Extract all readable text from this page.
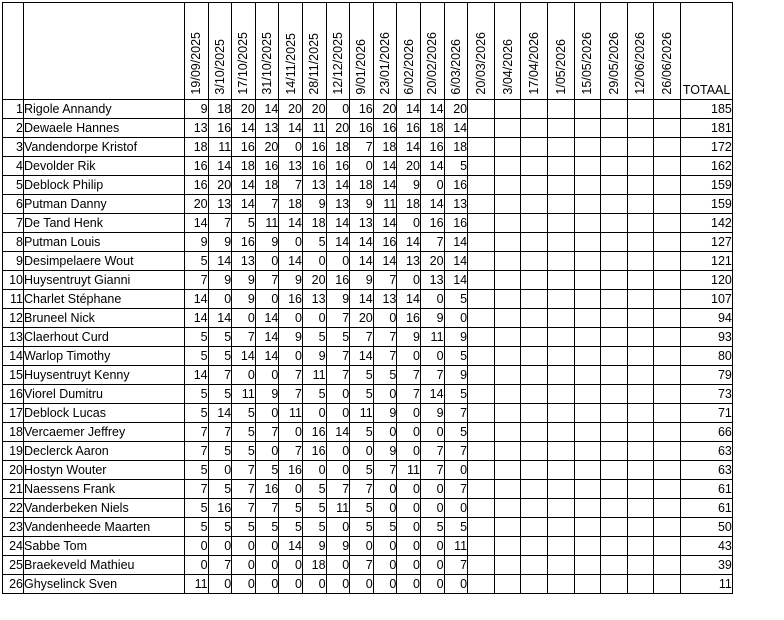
		19/09/2025	3/10/2025	17/10/2025	31/10/2025	14/11/2025	28/11/2025	12/12/2025	9/01/2026	23/01/2026	6/02/2026	20/02/2026	6/03/2026	20/03/2026	3/04/2026	17/04/2026	1/05/2026	15/05/2026	29/05/2026	12/06/2026	26/06/2026	TOTAAL
1	Rigole Annandy	9	18	20	14	20	20	0	16	20	14	14	20									185
2	Dewaele Hannes	13	16	14	13	14	11	20	16	16	16	18	14									181
3	Vandendorpe Kristof	18	11	16	20	0	16	18	7	18	14	16	18									172
4	Devolder Rik	16	14	18	16	13	16	16	0	14	20	14	5									162
5	Deblock Philip	16	20	14	18	7	13	14	18	14	9	0	16									159
6	Putman Danny	20	13	14	7	18	9	13	9	11	18	14	13									159
7	De Tand Henk	14	7	5	11	14	18	14	13	14	0	16	16									142
8	Putman Louis	9	9	16	9	0	5	14	14	16	14	7	14									127
9	Desimpelaere Wout	5	14	13	0	14	0	0	14	14	13	20	14									121
10	Huysentruyt Gianni	7	9	9	7	9	20	16	9	7	0	13	14									120
11	Charlet Stéphane	14	0	9	0	16	13	9	14	13	14	0	5									107
12	Bruneel Nick	14	14	0	14	0	0	7	20	0	16	9	0									94
13	Claerhout Curd	5	5	7	14	9	5	5	7	7	9	11	9									93
14	Warlop Timothy	5	5	14	14	0	9	7	14	7	0	0	5									80
15	Huysentruyt Kenny	14	7	0	0	7	11	7	5	5	7	7	9									79
16	Viorel Dumitru	5	5	11	9	7	5	0	5	0	7	14	5									73
17	Deblock Lucas	5	14	5	0	11	0	0	11	9	0	9	7									71
18	Vercaemer Jeffrey	7	7	5	7	0	16	14	5	0	0	0	5									66
19	Declerck Aaron	7	5	5	0	7	16	0	0	9	0	7	7									63
20	Hostyn Wouter	5	0	7	5	16	0	0	5	7	11	7	0									63
21	Naessens Frank	7	5	7	16	0	5	7	7	0	0	0	7									61
22	Vanderbeken Niels	5	16	7	7	5	5	11	5	0	0	0	0									61
23	Vandenheede Maarten	5	5	5	5	5	5	0	5	5	0	5	5									50
24	Sabbe Tom	0	0	0	0	14	9	9	0	0	0	0	11									43
25	Braekeveld Mathieu	0	7	0	0	0	18	0	7	0	0	0	7									39
26	Ghyselinck Sven	11	0	0	0	0	0	0	0	0	0	0	0									11
